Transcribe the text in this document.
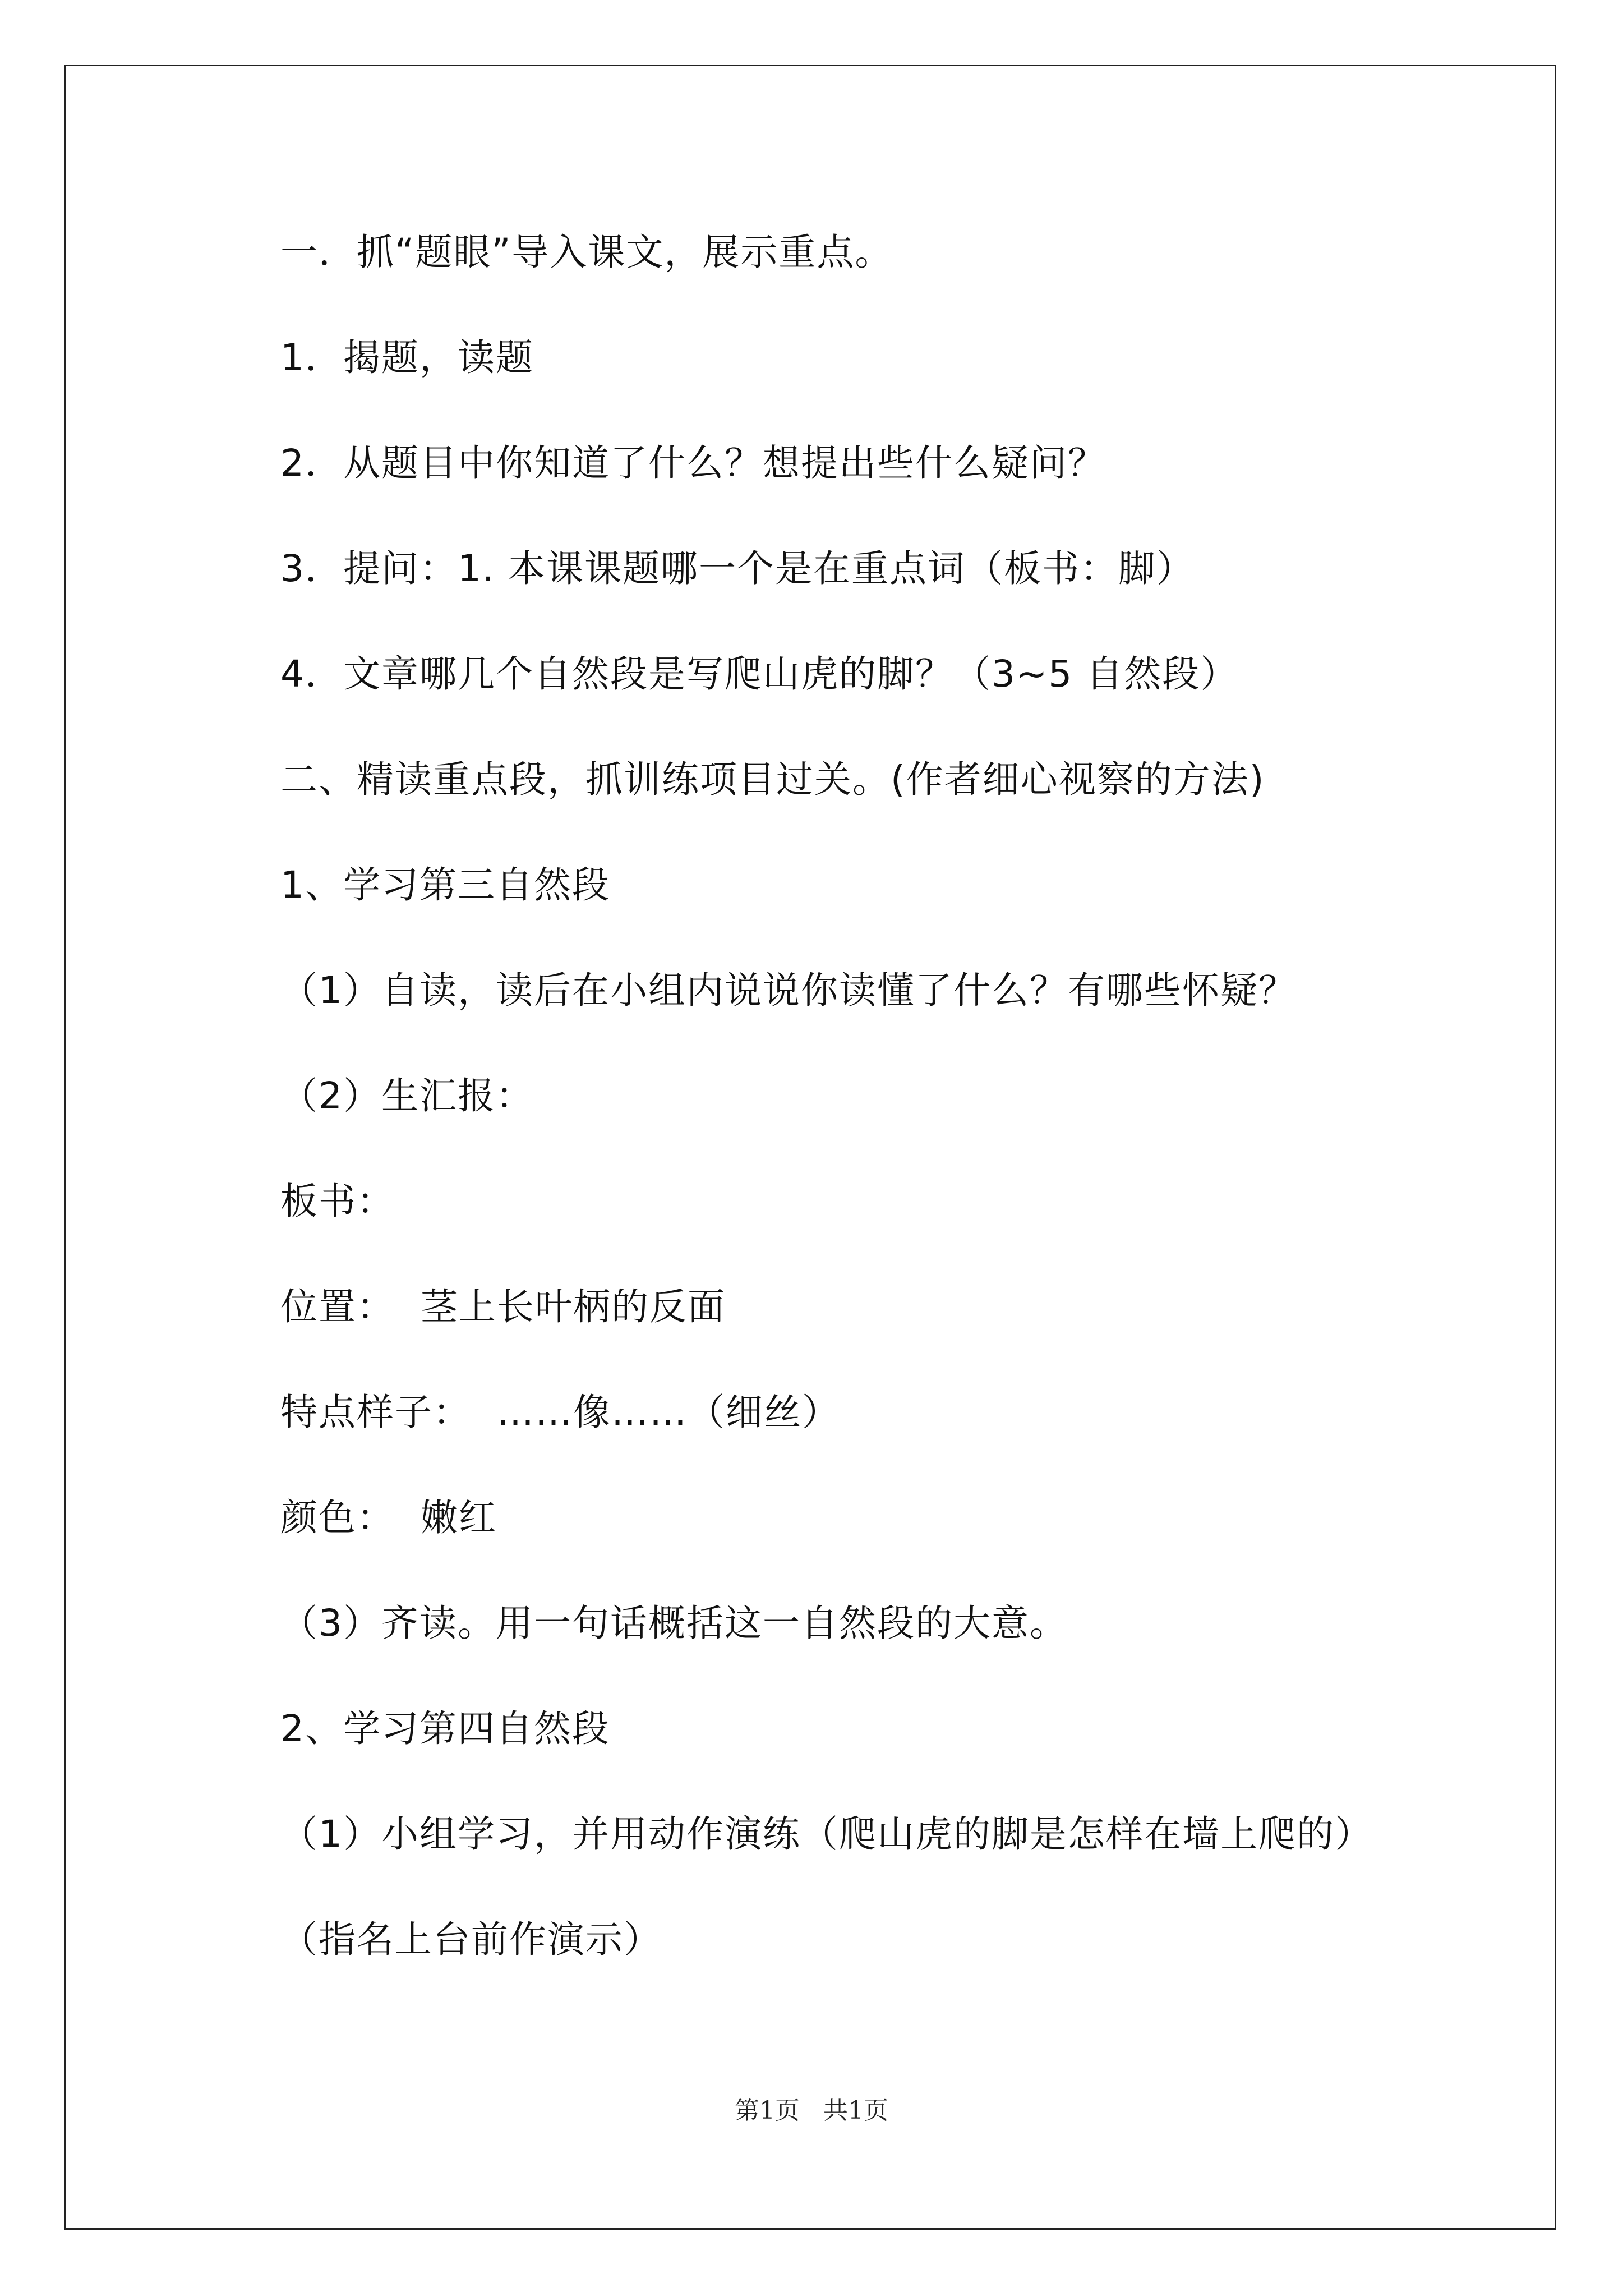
一．抓“题眼”导入课文，展示重点。
1．揭题，读题
2．从题目中你知道了什么？想提出些什么疑问？
3．提问：1. 本课课题哪一个是在重点词（板书：脚）
4．文章哪几个自然段是写爬山虎的脚？（3~5 自然段）
二、精读重点段，抓训练项目过关。(作者细心视察的方法)
1、学习第三自然段
（1）自读，读后在小组内说说你读懂了什么？有哪些怀疑？
（2）生汇报：
板书：
位置：  茎上长叶柄的反面
特点样子：  ……像……（细丝）
颜色：  嫩红
（3）齐读。用一句话概括这一自然段的大意。
2、学习第四自然段
（1）小组学习，并用动作演练（爬山虎的脚是怎样在墙上爬的）
（指名上台前作演示）
第1页   共1页
